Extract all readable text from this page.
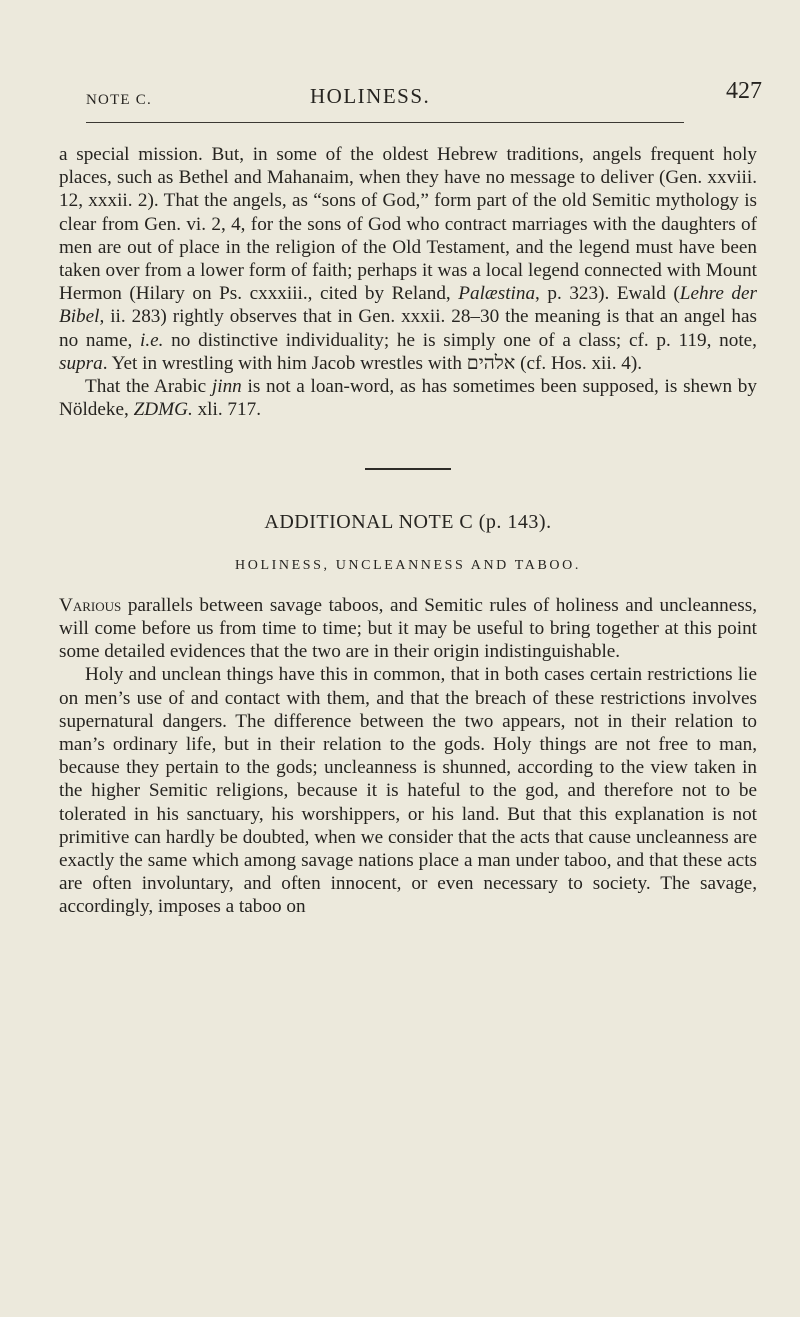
NOTE C.	HOLINESS.	427

a special mission. But, in some of the oldest Hebrew traditions, angels frequent holy places, such as Bethel and Mahanaim, when they have no message to deliver (Gen. xxviii. 12, xxxii. 2). That the angels, as “sons of God,” form part of the old Semitic mythology is clear from Gen. vi. 2, 4, for the sons of God who contract marriages with the daughters of men are out of place in the religion of the Old Testament, and the legend must have been taken over from a lower form of faith; perhaps it was a local legend connected with Mount Hermon (Hilary on Ps. cxxxiii., cited by Reland, Palæstina, p. 323). Ewald (Lehre der Bibel, ii. 283) rightly observes that in Gen. xxxii. 28–30 the meaning is that an angel has no name, i.e. no distinctive individuality; he is simply one of a class; cf. p. 119, note, supra. Yet in wrestling with him Jacob wrestles with אלהים (cf. Hos. xii. 4).

That the Arabic jinn is not a loan-word, as has sometimes been supposed, is shewn by Nöldeke, ZDMG. xli. 717.

ADDITIONAL NOTE C (p. 143).
HOLINESS, UNCLEANNESS AND TABOO.

Various parallels between savage taboos, and Semitic rules of holiness and uncleanness, will come before us from time to time; but it may be useful to bring together at this point some detailed evidences that the two are in their origin indistinguishable.

Holy and unclean things have this in common, that in both cases certain restrictions lie on men’s use of and contact with them, and that the breach of these restrictions involves supernatural dangers. The difference between the two appears, not in their relation to man’s ordinary life, but in their relation to the gods. Holy things are not free to man, because they pertain to the gods; uncleanness is shunned, according to the view taken in the higher Semitic religions, because it is hateful to the god, and therefore not to be tolerated in his sanctuary, his worshippers, or his land. But that this explanation is not primitive can hardly be doubted, when we consider that the acts that cause uncleanness are exactly the same which among savage nations place a man under taboo, and that these acts are often involuntary, and often innocent, or even necessary to society. The savage, accordingly, imposes a taboo on
